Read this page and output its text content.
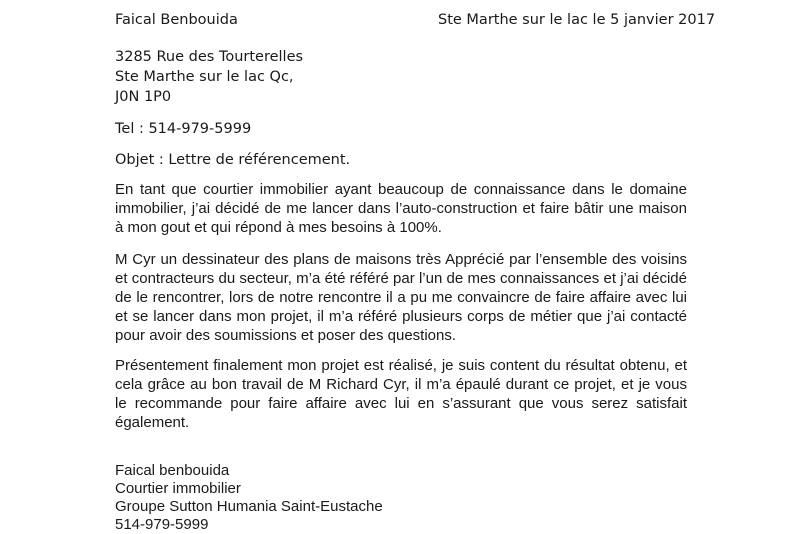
Faical Benbouida	Ste Marthe sur le lac le 5 janvier 2017
3285 Rue des Tourterelles
Ste Marthe sur le lac Qc,
J0N 1P0
Tel : 514-979-5999
Objet : Lettre de référencement.
En tant que courtier immobilier ayant beaucoup de connaissance dans le domaine immobilier, j’ai décidé de me lancer dans l’auto-construction et faire bâtir une maison à mon gout et qui répond à mes besoins à 100%.
M Cyr un dessinateur des plans de maisons très Apprécié par l’ensemble des voisins et contracteurs du secteur, m’a été référé par l’un de mes connaissances et j’ai décidé de le rencontrer, lors de notre rencontre il a pu me convaincre de faire affaire avec lui et se lancer dans mon projet, il m’a référé plusieurs corps de métier que j’ai contacté pour avoir des soumissions et poser des questions.
Présentement finalement mon projet est réalisé, je suis content du résultat obtenu, et cela grâce au bon travail de M Richard Cyr, il m’a épaulé durant ce projet, et je vous le recommande pour faire affaire avec lui en s’assurant que vous serez satisfait également.
Faical benbouida
Courtier immobilier
Groupe Sutton Humania Saint-Eustache
514-979-5999
